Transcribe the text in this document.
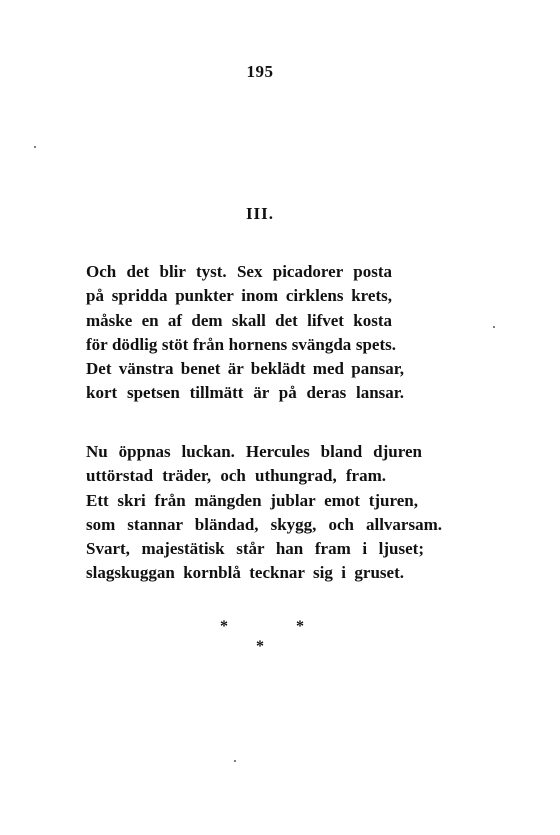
195
III.
Och det blir tyst. Sex picadorer posta
på spridda punkter inom cirklens krets,
måske en af dem skall det lifvet kosta
för dödlig stöt från hornens svängda spets.
Det vänstra benet är beklädt med pansar,
kort spetsen tillmätt är på deras lansar.
Nu öppnas luckan. Hercules bland djuren
uttörstad träder, och uthungrad, fram.
Ett skri från mängden jublar emot tjuren,
som stannar bländad, skygg, och allvarsam.
Svart, majestätisk står han fram i ljuset;
slagskuggan kornblå tecknar sig i gruset.
*	*
*
